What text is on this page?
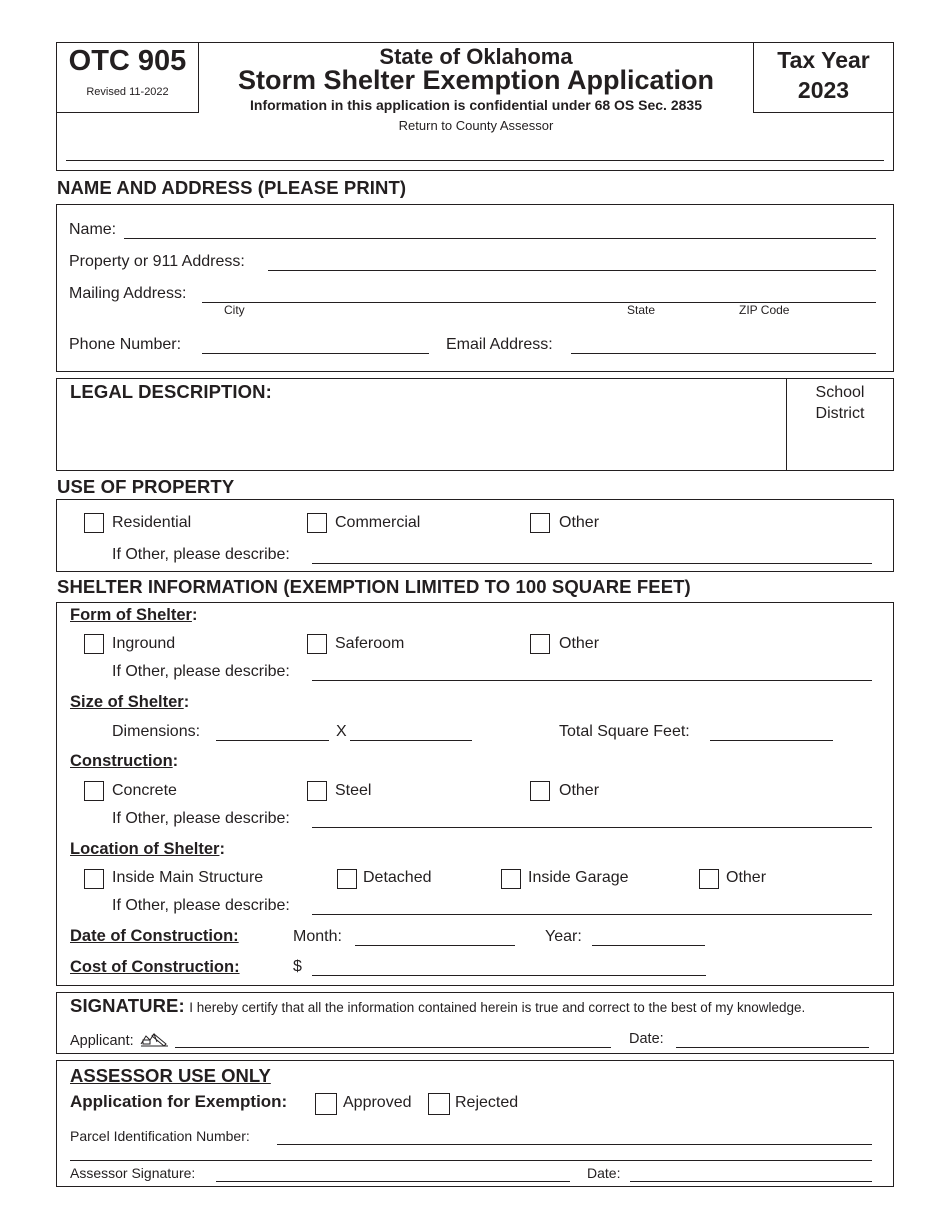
OTC 905
Revised 11-2022
State of Oklahoma
Storm Shelter Exemption Application
Information in this application is confidential under 68 OS Sec. 2835
Return to County Assessor
Tax Year
2023
NAME AND ADDRESS (PLEASE PRINT)
Name:
Property or 911 Address:
Mailing Address:
City	State	ZIP Code
Phone Number:	Email Address:
LEGAL DESCRIPTION:	School
District
USE OF PROPERTY
Residential	Commercial	Other
If Other, please describe:
SHELTER INFORMATION (EXEMPTION LIMITED TO 100 SQUARE FEET)
Form of Shelter:
Inground	Saferoom	Other
If Other, please describe:
Size of Shelter:
Dimensions:	X	Total Square Feet:
Construction:
Concrete	Steel	Other
If Other, please describe:
Location of Shelter:
Inside Main Structure	Detached	Inside Garage	Other
If Other, please describe:
Date of Construction:	Month:	Year:
Cost of Construction:	$
SIGNATURE: I hereby certify that all the information contained herein is true and correct to the best of my knowledge.
Applicant:	Date:
ASSESSOR USE ONLY
Application for Exemption:	Approved	Rejected
Parcel Identification Number:
Assessor Signature:	Date:
